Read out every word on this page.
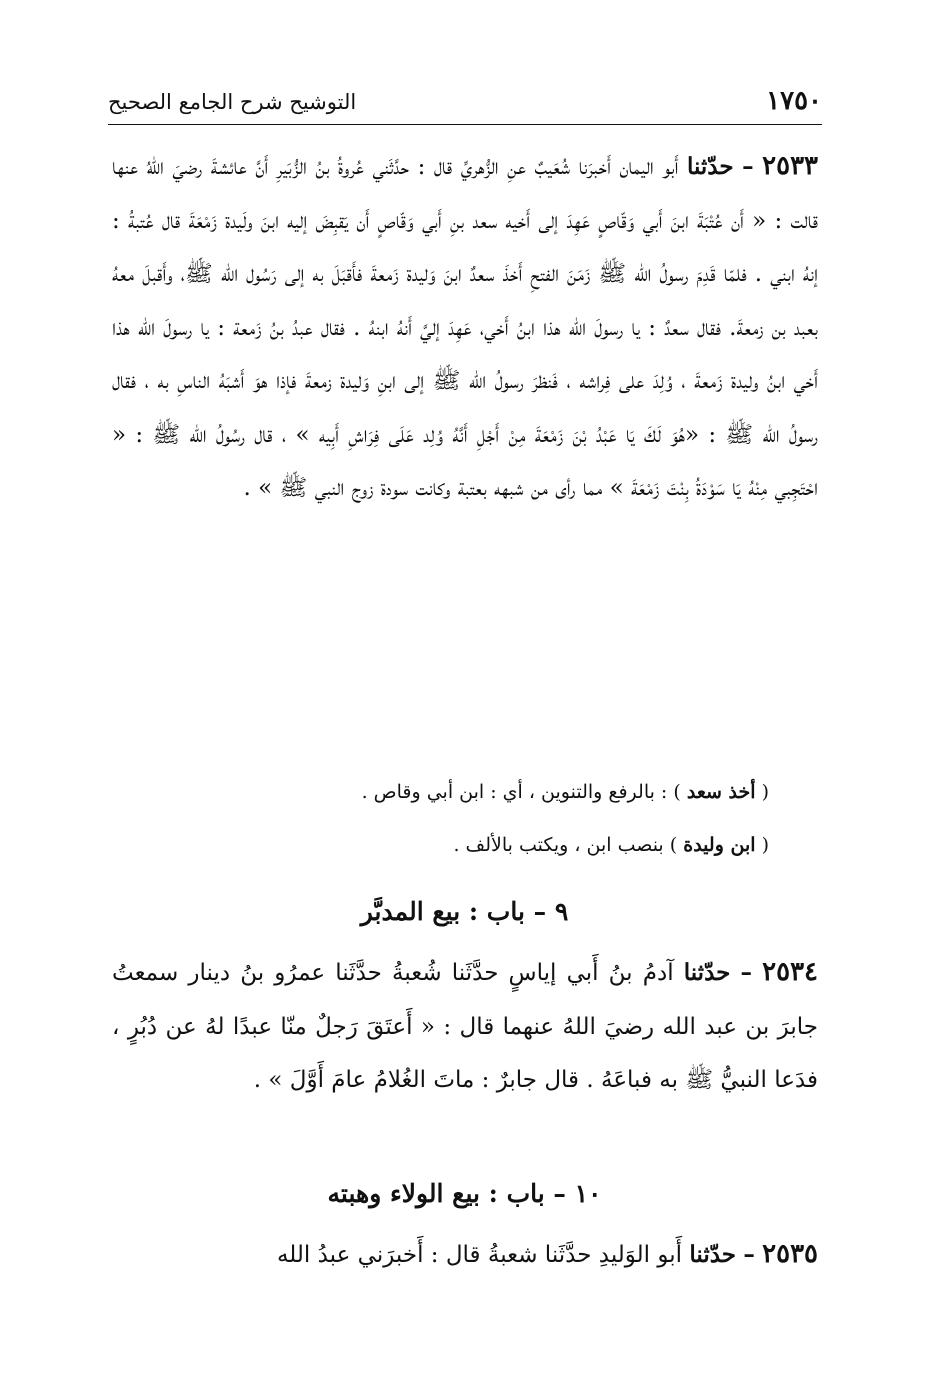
١٧٥٠
التوشيح شرح الجامع الصحيح
٢٥٣٣ – حدّثنا أَبو اليمان أَخبرَنا شُعَيبٌ عنِ الزُّهريِّ قال : حدَّثَني عُروةُ بنُ الزُّبَيرِ أَنَّ عائشةَ رضيَ اللهُ عنها قالت : « أَن عُتْبَةَ ابنَ أَبي وَقّاصٍ عَهِدَ إلى أَخيه سعد بنِ أَبي وَقّاصٍ أَن يَقبِضَ إليه ابنَ ولَيدة زَمْعَةَ قال عُتبةُ : إنهُ ابني . فلمّا قَدِمَ رسولُ الله ﷺ زَمَنَ الفتحِ أَخذَ سعدٌ ابنَ وَليدة زَمعةَ فأَقبَلَ به إلى رَسُول الله ﷺ، وأَقبلَ معهُ بعبد بن زمعةَ. فقال سعدٌ : يا رسولَ الله هذا ابنُ أَخي، عَهِدَ إليَّ أَنهُ ابنهُ . فقال عبدُ بنُ زَمعة : يا رسولَ الله هذا أَخي ابنُ وليدة زَمعةَ ، وُلِدَ على فِراشه ، فَنظرَ رسولُ الله ﷺ إلى ابنِ وَليدة زمعةَ فإذا هوَ أَشبَهُ الناسِ به ، فقال رسولُ الله ﷺ : «هُوَ لَكَ يَا عَبْدُ بْنَ زَمْعَةَ مِنْ أَجْلِ أَنَّهُ وُلِد عَلَى فِرَاشِ أَبِيه » ، قال رسُولُ الله ﷺ : « احْتَجِبي مِنْهُ يَا سَوْدَةُ بِنْتَ زَمْعَةَ » مما رأى من شبهه بعتبة وكانت سودة زوج النبي ﷺ » .
( أخذ سعد ) : بالرفع والتنوين ، أي : ابن أبي وقاص .
( ابن وليدة ) بنصب ابن ، ويكتب بالألف .
٩ – باب : بيع المدبَّر
٢٥٣٤ – حدّثنا آدمُ بنُ أَبي إياسٍ حدَّثَنا شُعبةُ حدَّثَنا عمرُو بنُ دينار سمعتُ جابرَ بن عبد الله رضيَ اللهُ عنهما قال : « أَعتَقَ رَجلٌ منّا عبدًا لهُ عن دُبُرٍ ، فدَعا النبيُّ ﷺ به فباعَهُ . قال جابرٌ : ماتَ الغُلامُ عامَ أَوَّلَ » .
١٠ – باب : بيع الولاء وهبته
٢٥٣٥ – حدّثنا أَبو الوَليدِ حدَّثَنا شعبةُ قال : أَخبرَني عبدُ الله
